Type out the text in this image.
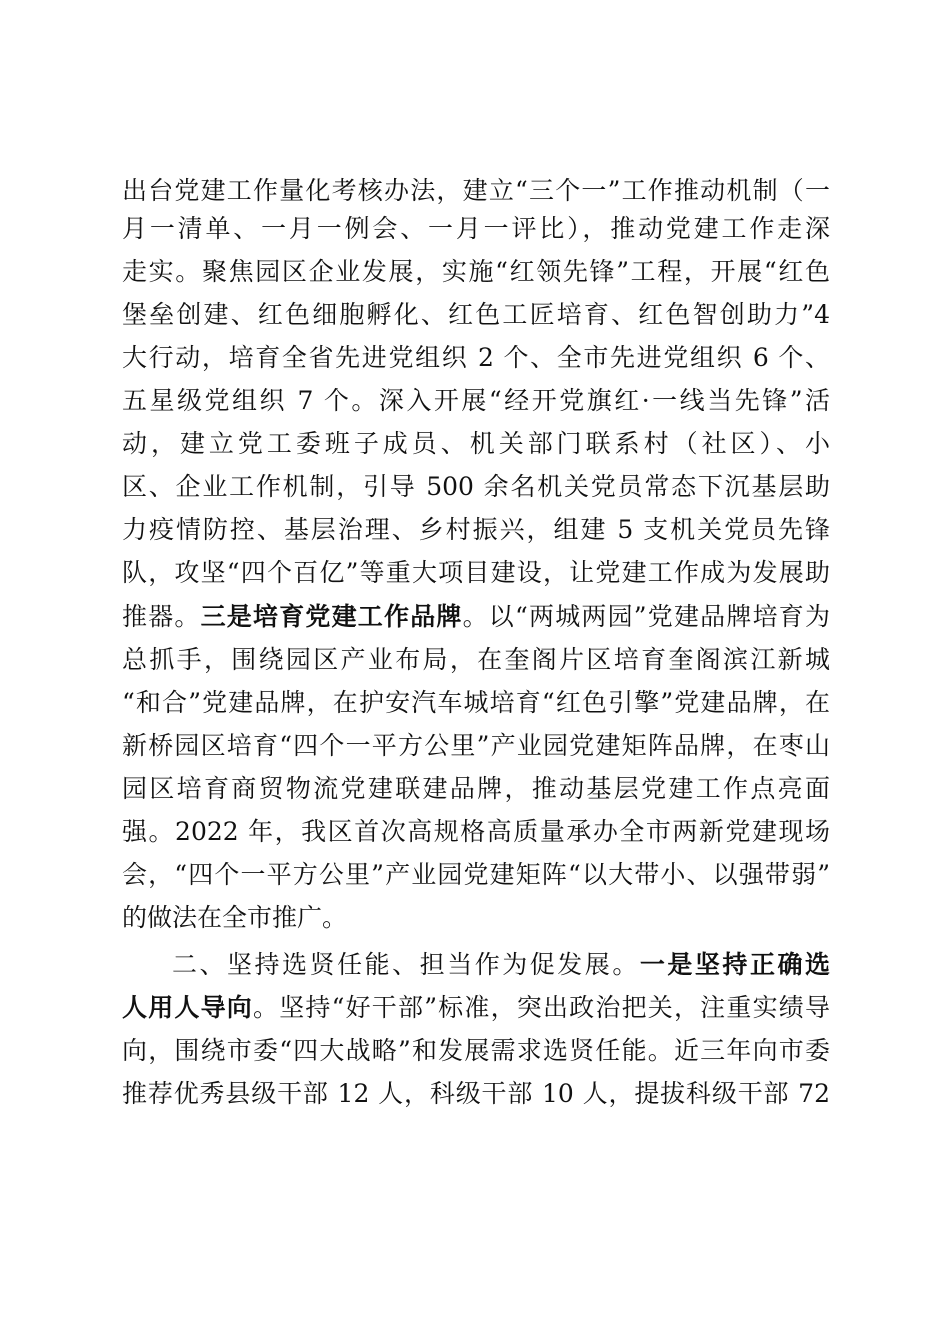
出台党建工作量化考核办法，建立“三个一”工作推动机制（一
月一清单、一月一例会、一月一评比），推动党建工作走深
走实。聚焦园区企业发展，实施“红领先锋”工程，开展“红色
堡垒创建、红色细胞孵化、红色工匠培育、红色智创助力”4
大行动，培育全省先进党组织 2 个、全市先进党组织 6 个、
五星级党组织 7 个。深入开展“经开党旗红·一线当先锋”活
动，建立党工委班子成员、机关部门联系村（社区）、小
区、企业工作机制，引导 500 余名机关党员常态下沉基层助
力疫情防控、基层治理、乡村振兴，组建 5 支机关党员先锋
队，攻坚“四个百亿”等重大项目建设，让党建工作成为发展助
推器。三是培育党建工作品牌。以“两城两园”党建品牌培育为
总抓手，围绕园区产业布局，在奎阁片区培育奎阁滨江新城
“和合”党建品牌，在护安汽车城培育“红色引擎”党建品牌，在
新桥园区培育“四个一平方公里”产业园党建矩阵品牌，在枣山
园区培育商贸物流党建联建品牌，推动基层党建工作点亮面
强。2022 年，我区首次高规格高质量承办全市两新党建现场
会，“四个一平方公里”产业园党建矩阵“以大带小、以强带弱”
的做法在全市推广。
二、坚持选贤任能、担当作为促发展。一是坚持正确选
人用人导向。坚持“好干部”标准，突出政治把关，注重实绩导
向，围绕市委“四大战略”和发展需求选贤任能。近三年向市委
推荐优秀县级干部 12 人，科级干部 10 人，提拔科级干部 72
